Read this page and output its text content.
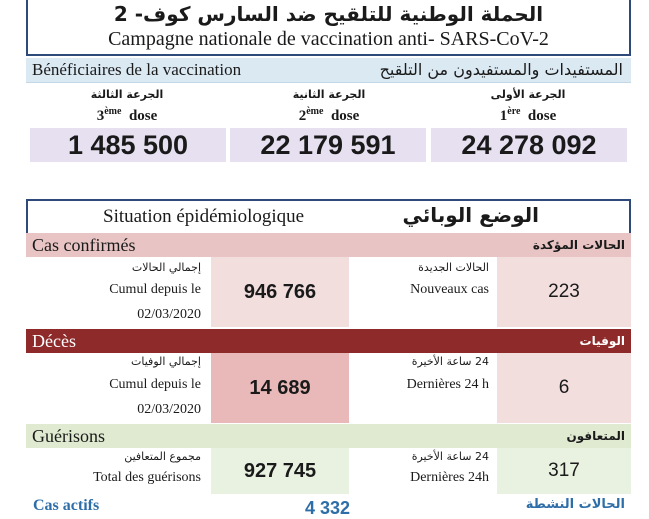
الحملة الوطنية للتلقيح ضد السارس كوف- 2
Campagne nationale de vaccination anti- SARS-CoV-2
Bénéficiaires de la vaccination	المستفيدات والمستفيدون من التلقيح
الجرعة الثالثة
3ème dose
1 485 500
الجرعة الثانية
2ème dose
22 179 591
الجرعة الأولى
1ère dose
24 278 092
Situation épidémiologique	الوضع الوبائي
Cas confirmés	الحالات المؤكدة
إجمالي الحالات
Cumul depuis le
02/03/2020
946 766
الحالات الجديدة
Nouveaux cas	223
Décès	الوفيات
إجمالي الوفيات
Cumul depuis le
02/03/2020
14 689
24 ساعة الأخيرة
Dernières 24 h	6
Guérisons	المتعافون
مجموع المتعافين
Total des guérisons	927 745
24 ساعة الأخيرة
Dernières 24h	317
Cas actifs	4 332	الحالات النشطة
